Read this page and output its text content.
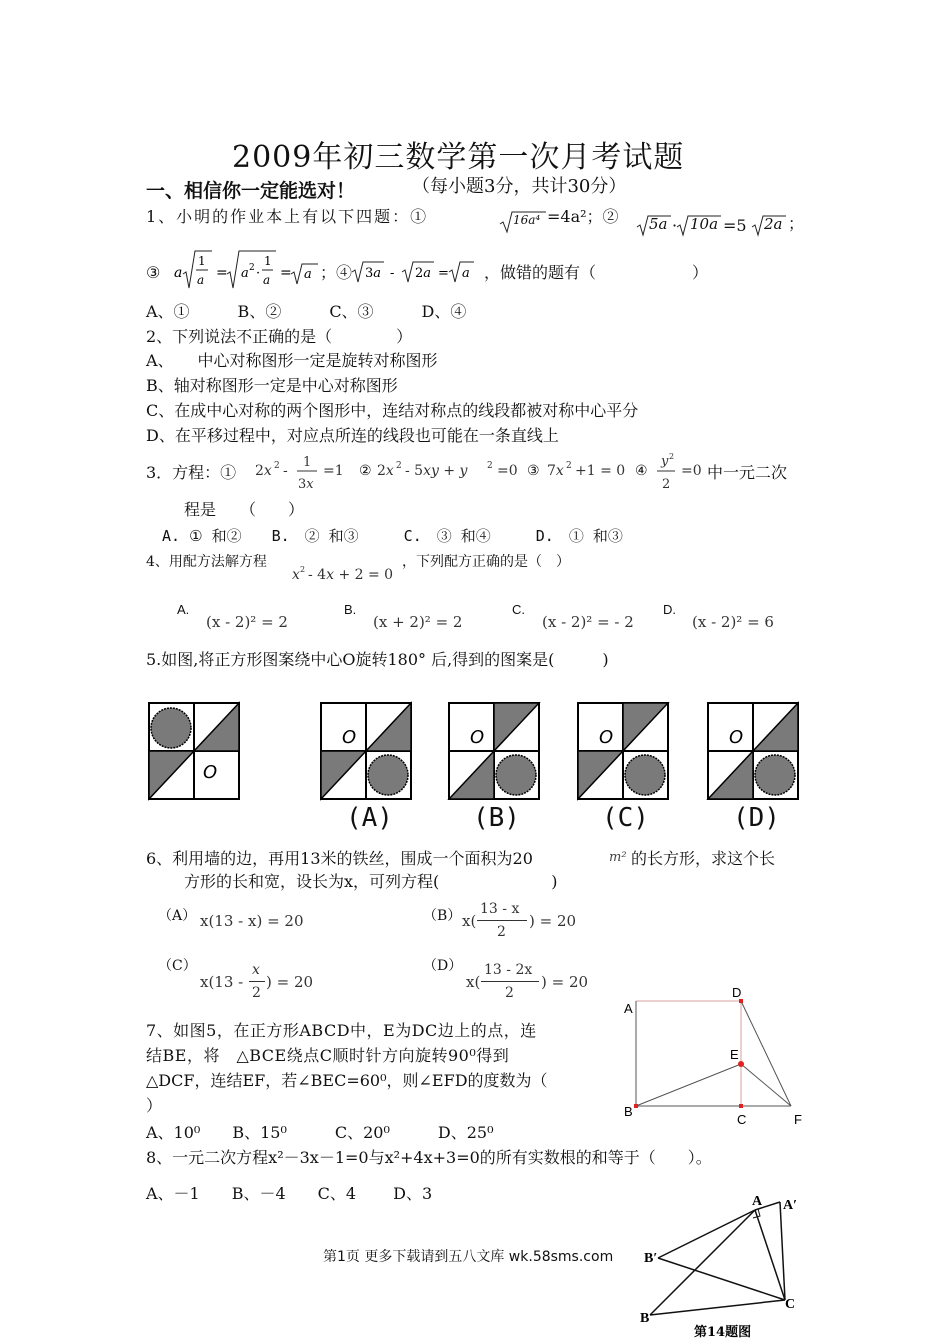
2009年初三数学第一次月考试题
一、相信你一定能选对！	（每小题3分，共计30分）
1、小明的作业本上有以下四题：①	16a⁴ =4a²；② 5a · 10a =5 2a ；
③ a
1
a = a 2 ·
1
a = a ；④ 3a - 2a = a ，做错的题有（　　　　　　）
A、①　　　B、②　　　C、③　　　D、④
2、下列说法不正确的是（　　　　）
A、　　中心对称图形一定是旋转对称图形
B、轴对称图形一定是中心对称图形
C、在成中心对称的两个图形中，连结对称点的线段都被对称中心平分
D、在平移过程中，对应点所连的线段也可能在一条直线上
3．方程：① 2x 2 -
1
3x
=1 ② 2x 2 - 5xy + y 2 =0 ③ 7x 2 +1 = 0 ④
y 2
2
=0 中一元二次
程是　　（　　）
A. ① 和②　　B.　② 和③　　　C.　③ 和④　　　D.　① 和③
4、用配方法解方程
x 2 - 4x + 2 = 0
，下列配方正确的是（　）
A.	B.	C.	D.
(x - 2)² = 2	(x + 2)² = 2	(x - 2)² = - 2	(x - 2)² = 6
5.如图,将正方形图案绕中心O旋转180° 后,得到的图案是(　　　)
O
O	O	O	O
(A)	(B)	(C)	(D)
6、利用墙的边，再用13米的铁丝，围成一个面积为20	m² 的长方形，求这个长
方形的长和宽，设长为x，可列方程(　　　　　　　)
（A） x(13 - x) = 20	（B） x(
13 - x
2
) = 20
（C）
x(13 -
x
2
) = 20
（D）
x(
13 - 2x
2
) = 20
7、如图5，在正方形ABCD中，E为DC边上的点，连
结BE，将　△BCE绕点C顺时针方向旋转90⁰得到
△DCF，连结EF，若∠BEC=60⁰，则∠EFD的度数为（
）
A、10⁰　　B、15⁰　　　C、20⁰　　　D、25⁰
A
D
E
B
C	F
8、一元二次方程x²－3x－1=0与x²+4x+3=0的所有实数根的和等于（　　）。
A、－1　　B、－4　　C、4　　 D、3	A A′
B′
B
C
第14题图
第1页 更多下载请到五八文库 wk.58sms.com
